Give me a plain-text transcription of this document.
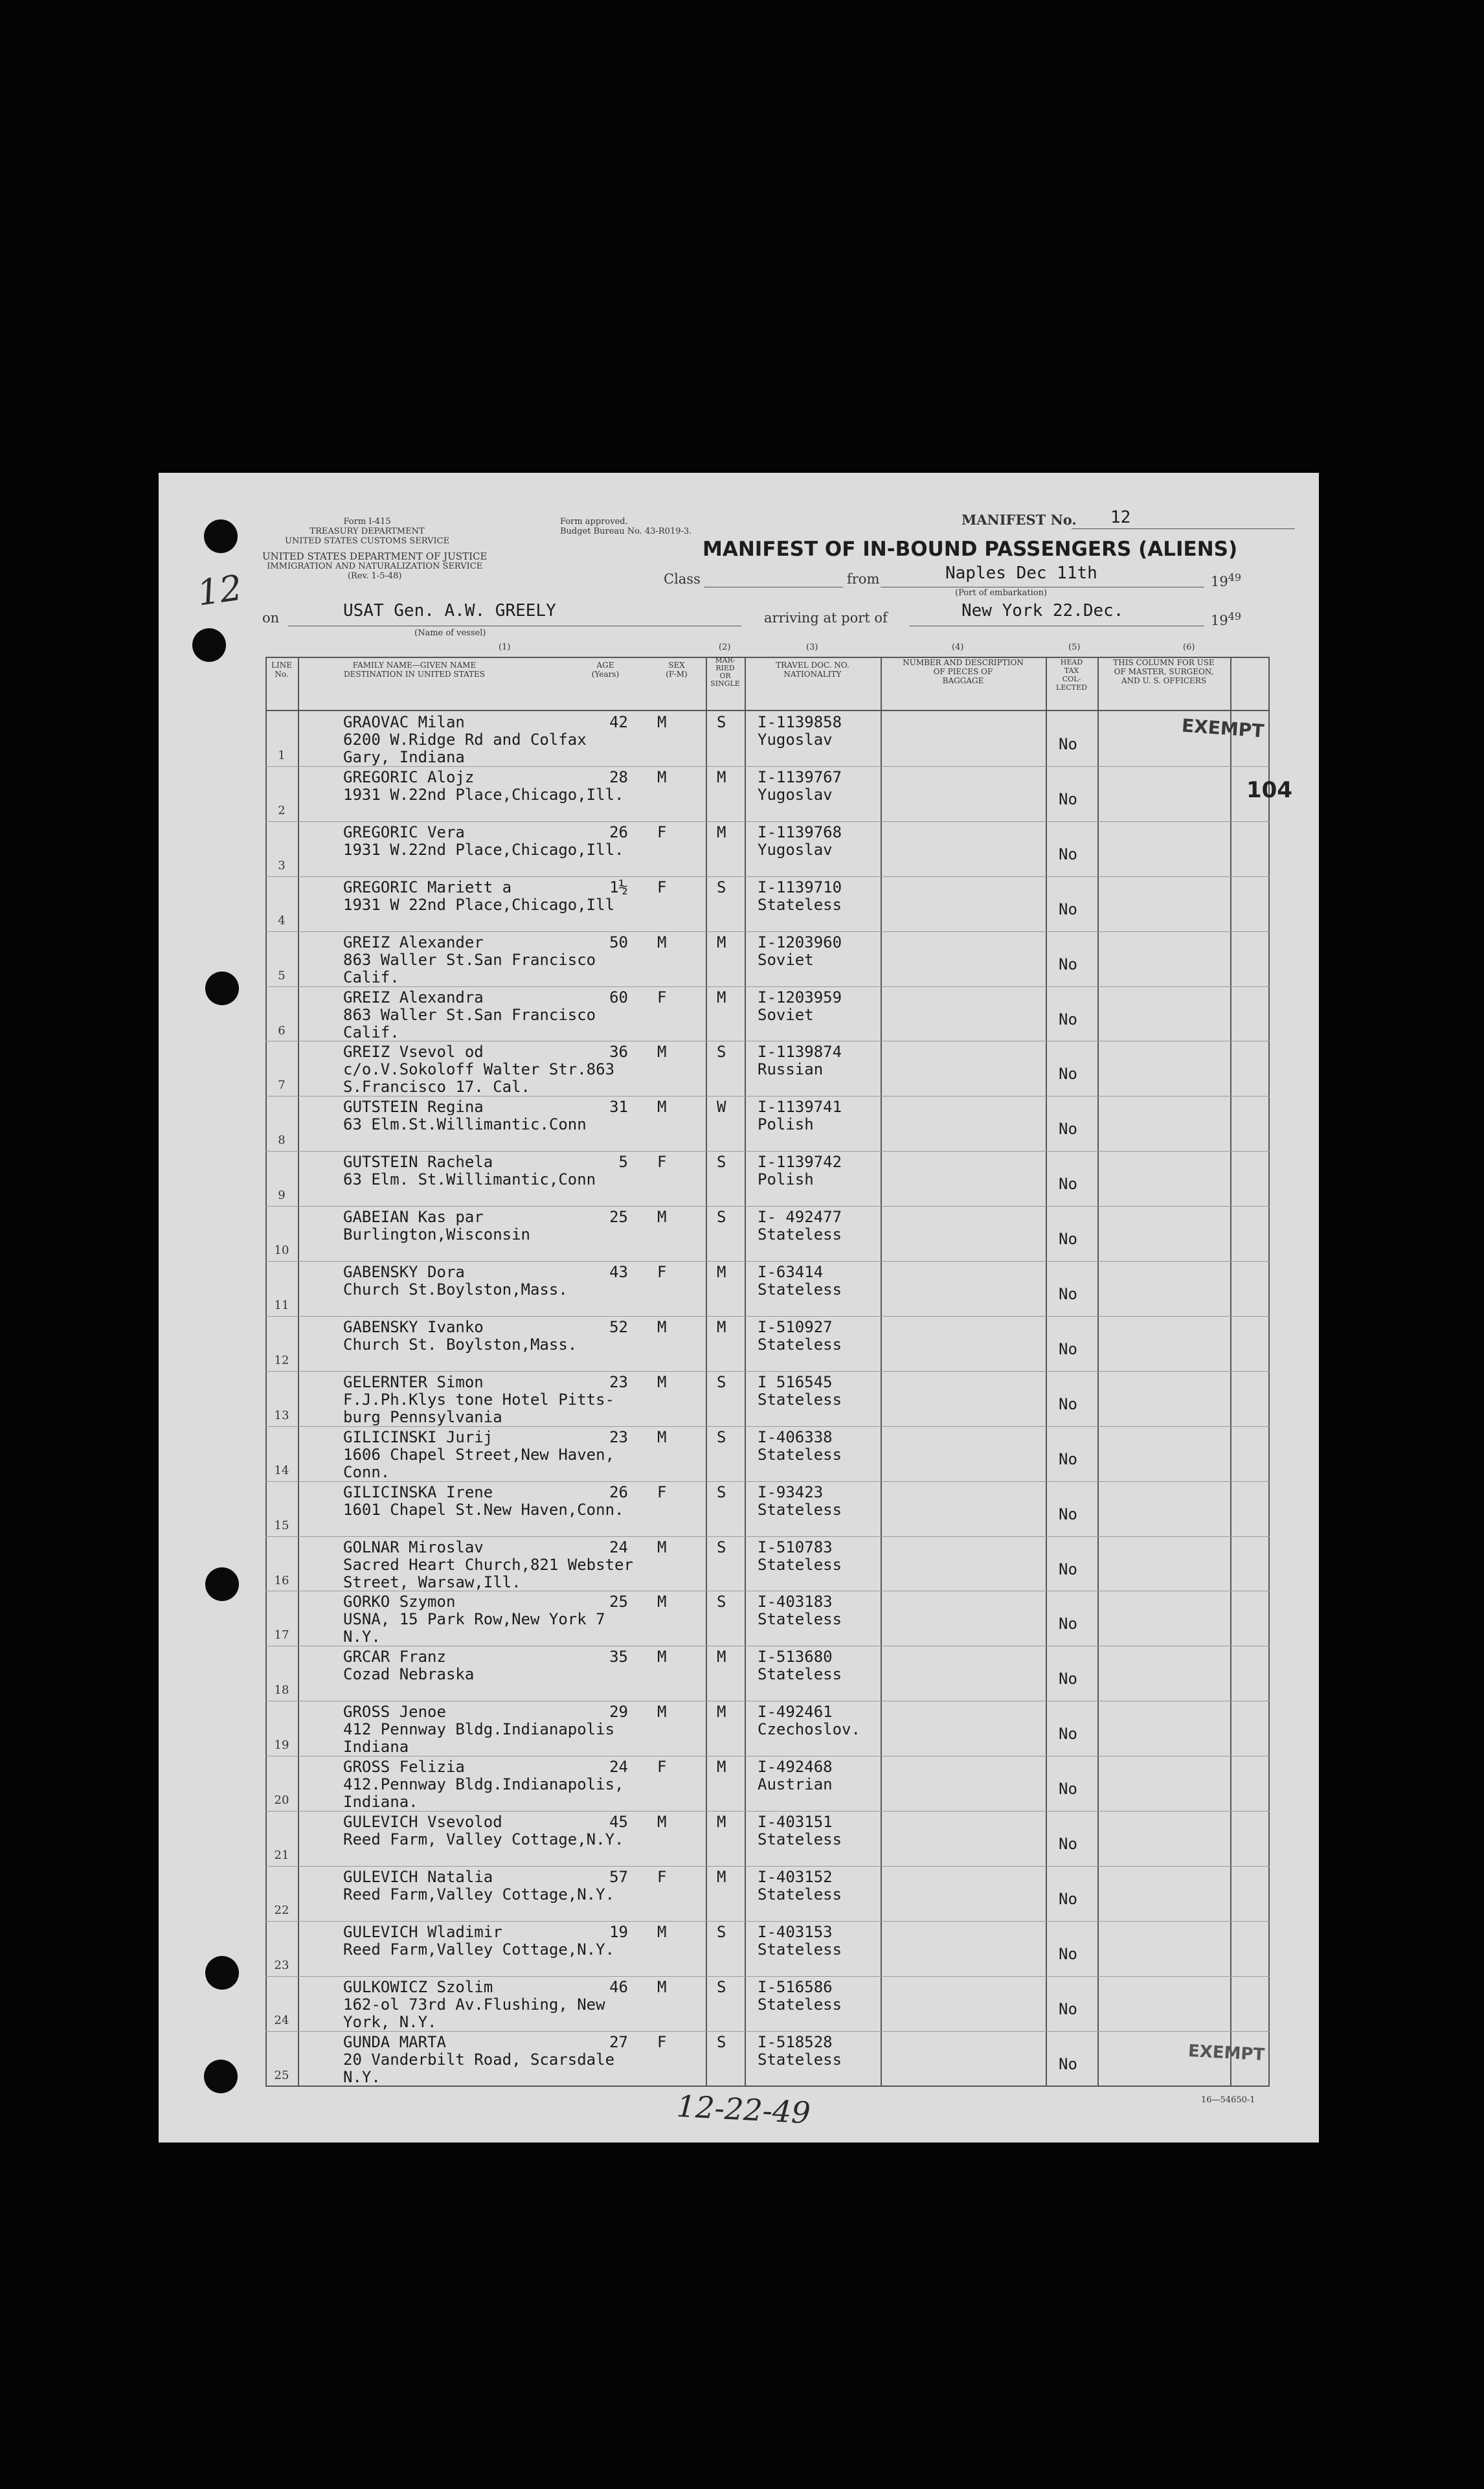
Form I-415
TREASURY DEPARTMENT
UNITED STATES CUSTOMS SERVICE
UNITED STATES DEPARTMENT OF JUSTICE
IMMIGRATION AND NATURALIZATION SERVICE
(Rev. 1-5-48)
Form approved.
Budget Bureau No. 43-R019-3.
MANIFEST No. 12
MANIFEST OF IN-BOUND PASSENGERS (ALIENS)
Class	from	Naples Dec 11th
(Port of embarkation)
$19^{49}$
on	USAT Gen. A.W. GREELY
(Name of vessel)
arriving at port of	New York 22.Dec.	$19^{49}$
(1)	(2)	(3)	(4)	(5)	(6)
LINE
No.
FAMILY NAME—GIVEN NAME
DESTINATION IN UNITED STATES
AGE
(Years)
SEX
(F-M)
MAR-
RIED
OR
SINGLE
TRAVEL DOC. NO.
NATIONALITY
NUMBER AND DESCRIPTION
OF PIECES OF
BAGGAGE
HEAD
TAX
COL-
LECTED
THIS COLUMN FOR USE
OF MASTER, SURGEON,
AND U. S. OFFICERS
1
GRAOVAC Milan
6200 W.Ridge Rd and Colfax
Gary, Indiana
42 M	S I-1139858
Yugoslav	No
2
GREGORIC Alojz
1931 W.22nd Place,Chicago,Ill.
28 M	M I-1139767
Yugoslav	No
3
GREGORIC Vera
1931 W.22nd Place,Chicago,Ill.
26 F	M I-1139768
Yugoslav	No
4
GREGORIC Mariett a
1931 W 22nd Place,Chicago,Ill
1½ F	S I-1139710
Stateless	No
5
GREIZ Alexander
863 Waller St.San Francisco
Calif.
50 M	M I-1203960
Soviet	No
6
GREIZ Alexandra
863 Waller St.San Francisco
Calif.
60 F	M I-1203959
Soviet	No
7
GREIZ Vsevol od
c/o.V.Sokoloff Walter Str.863
S.Francisco 17. Cal.
36 M	S I-1139874
Russian	No
8
GUTSTEIN Regina
63 Elm.St.Willimantic.Conn
31 M	W I-1139741
Polish	No
9
GUTSTEIN Rachela
63 Elm. St.Willimantic,Conn
5 F	S I-1139742
Polish	No
10
GABEIAN Kas par
Burlington,Wisconsin
25 M	S I- 492477
Stateless	No
11
GABENSKY Dora
Church St.Boylston,Mass.
43 F	M I-63414
Stateless	No
12
GABENSKY Ivanko
Church St. Boylston,Mass.
52 M	M I-510927
Stateless	No
13
GELERNTER Simon
F.J.Ph.Klys tone Hotel Pitts-
burg Pennsylvania
23 M	S I 516545
Stateless	No
14
GILICINSKI Jurij
1606 Chapel Street,New Haven,
Conn.
23 M	S I-406338
Stateless	No
15
GILICINSKA Irene
1601 Chapel St.New Haven,Conn.
26 F	S I-93423
Stateless	No
16
GOLNAR Miroslav
Sacred Heart Church,821 Webster
Street, Warsaw,Ill.
24 M	S I-510783
Stateless	No
17
GORKO Szymon
USNA, 15 Park Row,New York 7
N.Y.
25 M	S I-403183
Stateless	No
18
GRCAR Franz
Cozad Nebraska
35 M	M I-513680
Stateless	No
19
GROSS Jenoe
412 Pennway Bldg.Indianapolis
Indiana
29 M	M I-492461
Czechoslov.	No
20
GROSS Felizia
412.Pennway Bldg.Indianapolis,
Indiana.
24 F	M I-492468
Austrian	No
21
GULEVICH Vsevolod
Reed Farm, Valley Cottage,N.Y.
45 M	M I-403151
Stateless	No
22
GULEVICH Natalia
Reed Farm,Valley Cottage,N.Y.
57 F	M I-403152
Stateless	No
23
GULEVICH Wladimir
Reed Farm,Valley Cottage,N.Y.
19 M	S I-403153
Stateless	No
24
GULKOWICZ Szolim
162-ol 73rd Av.Flushing, New
York, N.Y.
46 M	S I-516586
Stateless	No
25
GUNDA MARTA
20 Vanderbilt Road, Scarsdale
N.Y.
27 F	S I-518528
Stateless	No
EXEMPT
EXEMPT
104
12
12-22-49	16—54650-1
